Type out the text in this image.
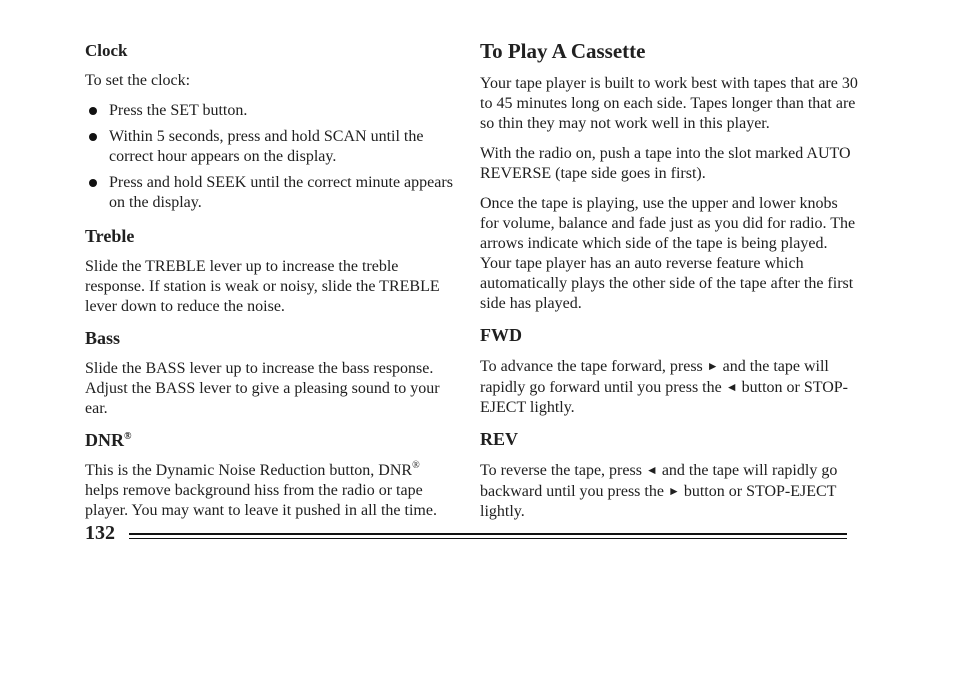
Clock

To set the clock:

Press the SET button.
Within 5 seconds, press and hold SCAN until the correct hour appears on the display.
Press and hold SEEK until the correct minute appears on the display.
Treble

Slide the TREBLE lever up to increase the treble response. If station is weak or noisy, slide the TREBLE lever down to reduce the noise.

Bass

Slide the BASS lever up to increase the bass response. Adjust the BASS lever to give a pleasing sound to your ear.

DNR®

This is the Dynamic Noise Reduction button, DNR® helps remove background hiss from the radio or tape player. You may want to leave it pushed in all the time.

To Play A Cassette

Your tape player is built to work best with tapes that are 30 to 45 minutes long on each side. Tapes longer than that are so thin they may not work well in this player.

With the radio on, push a tape into the slot marked AUTO REVERSE (tape side goes in first).

Once the tape is playing, use the upper and lower knobs for volume, balance and fade just as you did for radio. The arrows indicate which side of the tape is being played. Your tape player has an auto reverse feature which automatically plays the other side of the tape after the first side has played.

FWD

To advance the tape forward, press ► and the tape will rapidly go forward until you press the ◄ button or STOP-EJECT lightly.

REV

To reverse the tape, press ◄ and the tape will rapidly go backward until you press the ► button or STOP-EJECT lightly.

132
